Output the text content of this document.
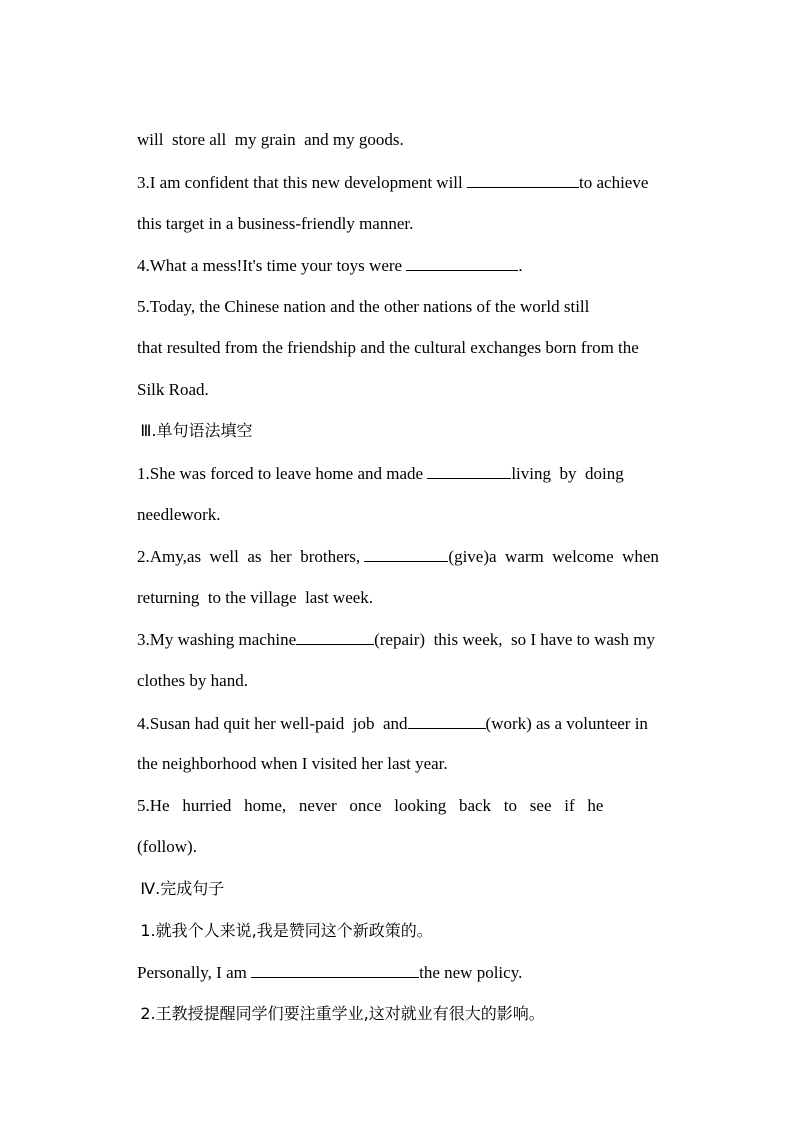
will  store all  my grain  and my goods.

3.I am confident that this new development will	to achieve

this target in a business-friendly manner.

4.What a mess!It's time your toys were	.

5.Today, the Chinese nation and the other nations of the world still

that resulted from the friendship and the cultural exchanges born from the

Silk Road.

Ⅲ.单句语法填空

1.She was forced to leave home and made	living  by  doing

needlework.

2.Amy,as  well  as  her  brothers,	(give)a  warm  welcome  when

returning  to the village  last week.

3.My washing machine	(repair)  this week,  so I have to wash my

clothes by hand.

4.Susan had quit her well-paid  job  and	(work) as a volunteer in

the neighborhood when I visited her last year.

5.He   hurried   home,   never   once   looking   back   to   see   if   he

(follow).

Ⅳ.完成句子

1.就我个人来说,我是赞同这个新政策的。

Personally, I am	the new policy.

2.王教授提醒同学们要注重学业,这对就业有很大的影响。
